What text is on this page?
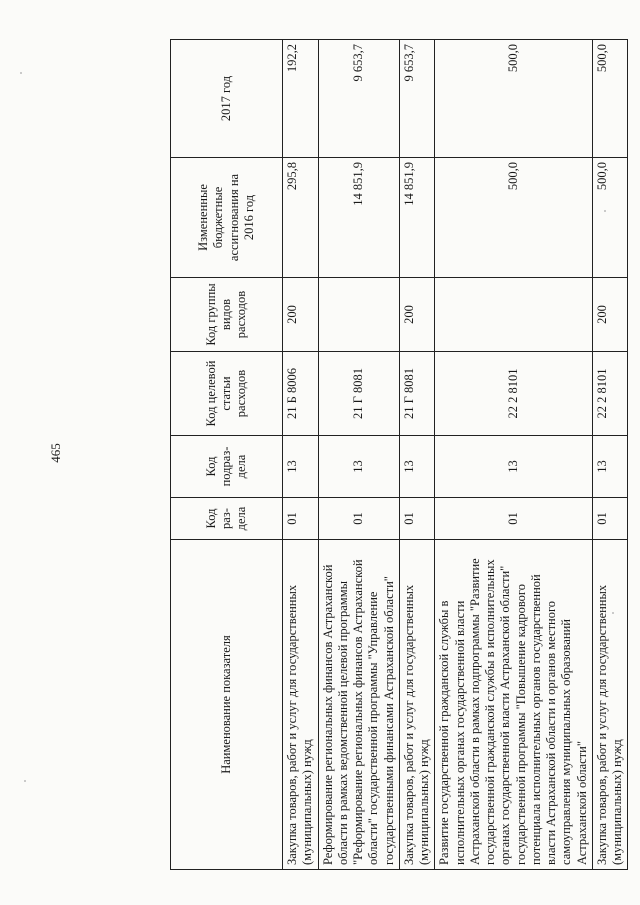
465
Наименование показателя	Код раз-дела	Код подраз-дела	Код целевой статьи расходов	Код группы видов расходов	Измененные бюджетные ассигнования на 2016 год	2017 год
Закупка товаров, работ и услуг для государственных (муниципальных) нужд	01	13	21 Б 8006	200	295,8	192,2
Реформирование региональных финансов Астраханской области в рамках ведомственной целевой программы "Реформирование региональных финансов Астраханской области" государственной программы "Управление государственными финансами Астраханской области"	01	13	21 Г 8081		14 851,9	9 653,7
Закупка товаров, работ и услуг для государственных (муниципальных) нужд	01	13	21 Г 8081	200	14 851,9	9 653,7
Развитие государственной гражданской службы в исполнительных органах государственной власти Астраханской области в рамках подпрограммы "Развитие государственной гражданской службы в исполнительных органах государственной власти Астраханской области" государственной программы "Повышение кадрового потенциала исполнительных органов государственной власти Астраханской области и органов местного самоуправления муниципальных образований Астраханской области"	01	13	22 2 8101		500,0	500,0
Закупка товаров, работ и услуг для государственных (муниципальных) нужд	01	13	22 2 8101	200	500,0	500,0
